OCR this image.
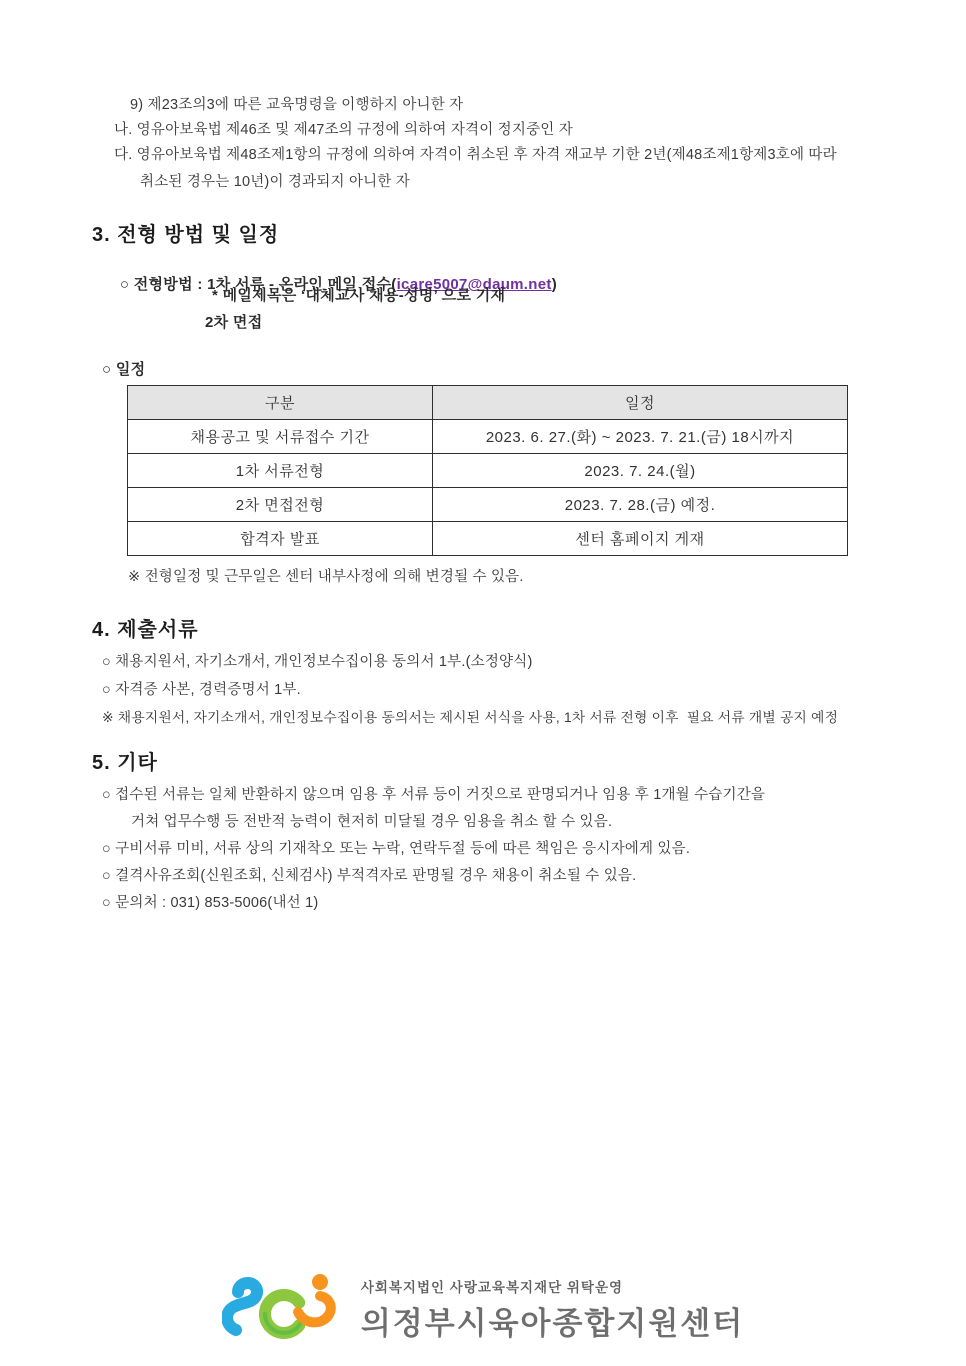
9) 제23조의3에 따른 교육명령을 이행하지 아니한 자
나. 영유아보육법 제46조 및 제47조의 규정에 의하여 자격이 정지중인 자
다. 영유아보육법 제48조제1항의 규정에 의하여 자격이 취소된 후 자격 재교부 기한 2년(제48조제1항제3호에 따라
취소된 경우는 10년)이 경과되지 아니한 자
3. 전형 방법 및 일정

○ 전형방법 : 1차 서류 - 온라인 메일 접수(icare5007@daum.net)

* 메일제목은 ‘대체교사 채용-성명’ 으로 기재
2차 면접
○ 일정
구분	일정
채용공고 및 서류접수 기간	2023. 6. 27.(화) ~ 2023. 7. 21.(금) 18시까지
1차 서류전형	2023. 7. 24.(월)
2차 면접전형	2023. 7. 28.(금) 예정.
합격자 발표	센터 홈페이지 게재
※ 전형일정 및 근무일은 센터 내부사정에 의해 변경될 수 있음.
4. 제출서류
○ 채용지원서, 자기소개서, 개인정보수집이용 동의서 1부.(소정양식)
○ 자격증 사본, 경력증명서 1부.
※ 채용지원서, 자기소개서, 개인정보수집이용 동의서는 제시된 서식을 사용, 1차 서류 전형 이후  필요 서류 개별 공지 예정
5. 기타
○ 접수된 서류는 일체 반환하지 않으며 임용 후 서류 등이 거짓으로 판명되거나 임용 후 1개월 수습기간을
거쳐 업무수행 등 전반적 능력이 현저히 미달될 경우 임용을 취소 할 수 있음.
○ 구비서류 미비, 서류 상의 기재착오 또는 누락, 연락두절 등에 따른 책임은 응시자에게 있음.
○ 결격사유조회(신원조회, 신체검사) 부적격자로 판명될 경우 채용이 취소될 수 있음.
○ 문의처 : 031) 853-5006(내선 1)
사회복지법인 사랑교육복지재단 위탁운영
의정부시육아종합지원센터
